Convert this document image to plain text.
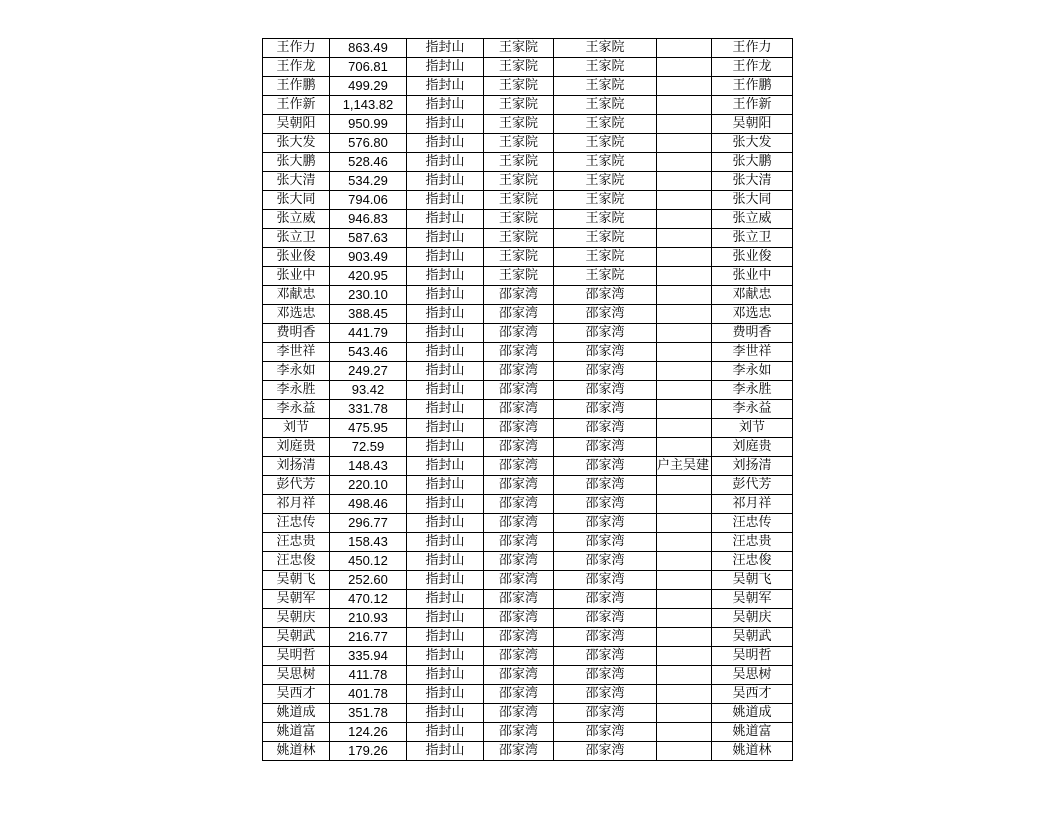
王作力	863.49	指封山	王家院	王家院		王作力
王作龙	706.81	指封山	王家院	王家院		王作龙
王作鹏	499.29	指封山	王家院	王家院		王作鹏
王作新	1,143.82	指封山	王家院	王家院		王作新
吴朝阳	950.99	指封山	王家院	王家院		吴朝阳
张大发	576.80	指封山	王家院	王家院		张大发
张大鹏	528.46	指封山	王家院	王家院		张大鹏
张大清	534.29	指封山	王家院	王家院		张大清
张大同	794.06	指封山	王家院	王家院		张大同
张立威	946.83	指封山	王家院	王家院		张立威
张立卫	587.63	指封山	王家院	王家院		张立卫
张业俊	903.49	指封山	王家院	王家院		张业俊
张业中	420.95	指封山	王家院	王家院		张业中
邓献忠	230.10	指封山	邵家湾	邵家湾		邓献忠
邓选忠	388.45	指封山	邵家湾	邵家湾		邓选忠
费明香	441.79	指封山	邵家湾	邵家湾		费明香
李世祥	543.46	指封山	邵家湾	邵家湾		李世祥
李永如	249.27	指封山	邵家湾	邵家湾		李永如
李永胜	93.42	指封山	邵家湾	邵家湾		李永胜
李永益	331.78	指封山	邵家湾	邵家湾		李永益
刘节	475.95	指封山	邵家湾	邵家湾		刘节
刘庭贵	72.59	指封山	邵家湾	邵家湾		刘庭贵
刘扬清	148.43	指封山	邵家湾	邵家湾	户主吴建	刘扬清
彭代芳	220.10	指封山	邵家湾	邵家湾		彭代芳
祁月祥	498.46	指封山	邵家湾	邵家湾		祁月祥
汪忠传	296.77	指封山	邵家湾	邵家湾		汪忠传
汪忠贵	158.43	指封山	邵家湾	邵家湾		汪忠贵
汪忠俊	450.12	指封山	邵家湾	邵家湾		汪忠俊
吴朝飞	252.60	指封山	邵家湾	邵家湾		吴朝飞
吴朝军	470.12	指封山	邵家湾	邵家湾		吴朝军
吴朝庆	210.93	指封山	邵家湾	邵家湾		吴朝庆
吴朝武	216.77	指封山	邵家湾	邵家湾		吴朝武
吴明哲	335.94	指封山	邵家湾	邵家湾		吴明哲
吴思树	411.78	指封山	邵家湾	邵家湾		吴思树
吴西才	401.78	指封山	邵家湾	邵家湾		吴西才
姚道成	351.78	指封山	邵家湾	邵家湾		姚道成
姚道富	124.26	指封山	邵家湾	邵家湾		姚道富
姚道林	179.26	指封山	邵家湾	邵家湾		姚道林
